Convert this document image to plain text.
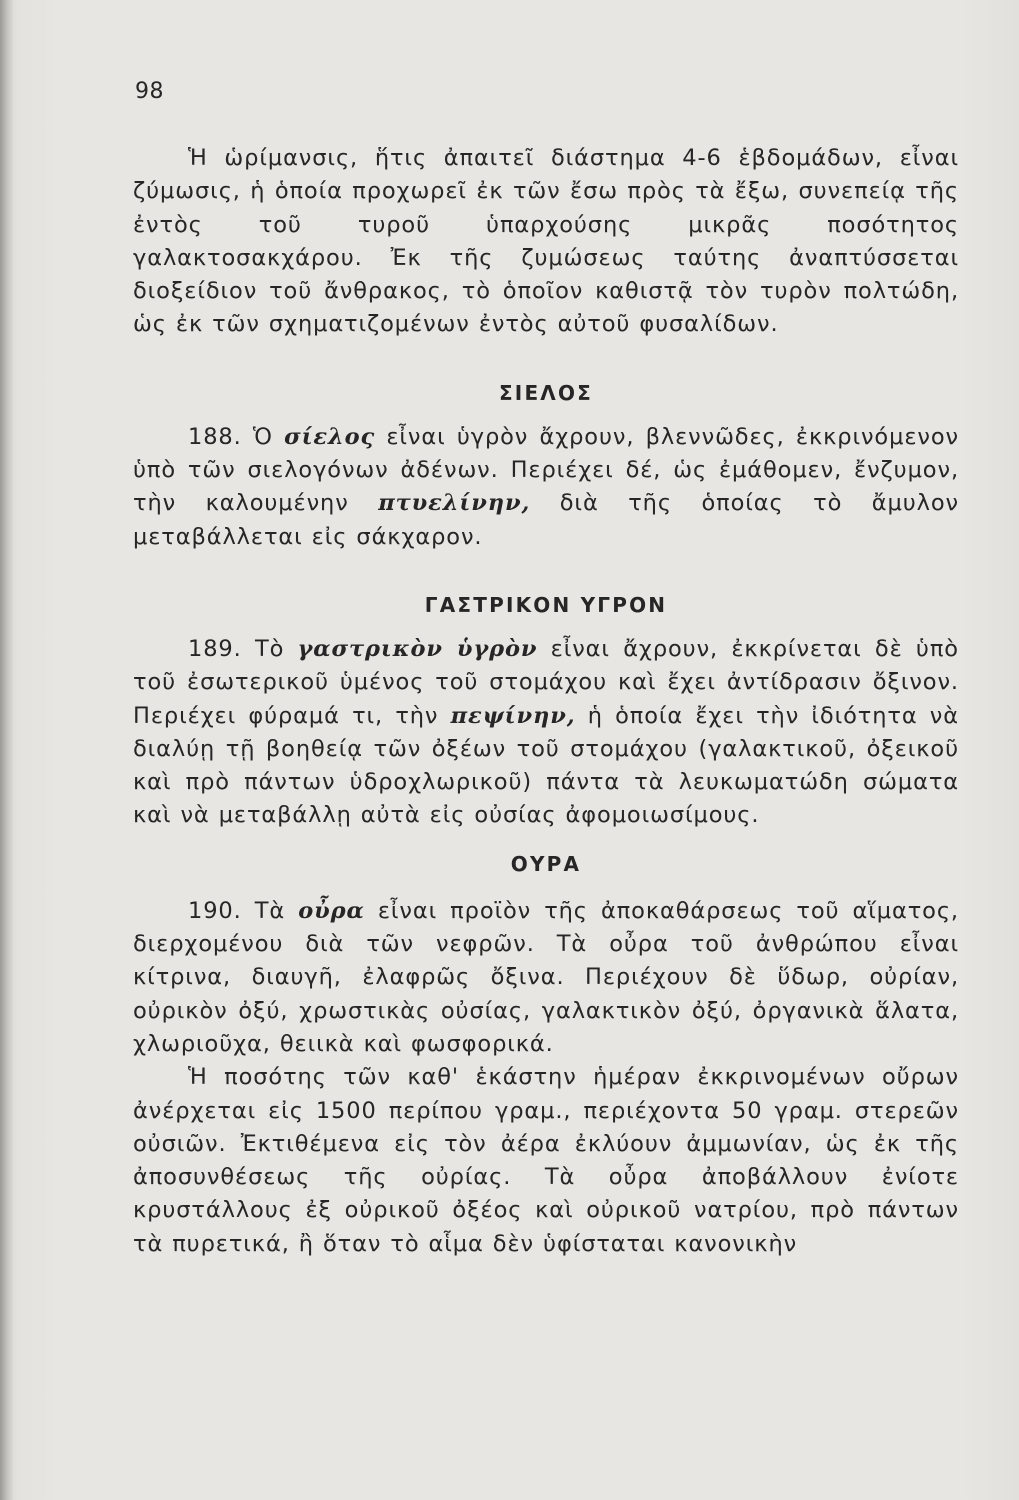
98

Ἡ ὡρίμανσις, ἥτις ἀπαιτεῖ διάστημα 4-6 ἑβδομάδων, εἶναι ζύμωσις, ἡ ὁποία προχωρεῖ ἐκ τῶν ἔσω πρὸς τὰ ἔξω, συνεπείᾳ τῆς ἐντὸς τοῦ τυροῦ ὑπαρχούσης μικρᾶς ποσότητος γαλακτοσακχάρου. Ἐκ τῆς ζυμώσεως ταύτης ἀναπτύσσεται διοξείδιον τοῦ ἄνθρακος, τὸ ὁποῖον καθιστᾷ τὸν τυρὸν πολτώδη, ὡς ἐκ τῶν σχηματιζομένων ἐντὸς αὐτοῦ φυσαλίδων.

ΣΙΕΛΟΣ

188. Ὁ σίελος εἶναι ὑγρὸν ἄχρουν, βλεννῶδες, ἐκκρινόμενον ὑπὸ τῶν σιελογόνων ἀδένων. Περιέχει δέ, ὡς ἐμάθομεν, ἔνζυμον, τὴν καλουμένην πτυελίνην, διὰ τῆς ὁποίας τὸ ἄμυλον μεταβάλλεται εἰς σάκχαρον.

ΓΑΣΤΡΙΚΟΝ ΥΓΡΟΝ

189. Τὸ γαστρικὸν ὑγρὸν εἶναι ἄχρουν, ἐκκρίνεται δὲ ὑπὸ τοῦ ἐσωτερικοῦ ὑμένος τοῦ στομάχου καὶ ἔχει ἀντίδρασιν ὄξινον. Περιέχει φύραμά τι, τὴν πεψίνην, ἡ ὁποία ἔχει τὴν ἰδιότητα νὰ διαλύῃ τῇ βοηθείᾳ τῶν ὀξέων τοῦ στομάχου (γαλακτικοῦ, ὀξεικοῦ καὶ πρὸ πάντων ὑδροχλωρικοῦ) πάντα τὰ λευκωματώδη σώματα καὶ νὰ μεταβάλλῃ αὐτὰ εἰς οὐσίας ἀφομοιωσίμους.

ΟΥΡΑ

190. Τὰ οὖρα εἶναι προϊὸν τῆς ἀποκαθάρσεως τοῦ αἵματος, διερχομένου διὰ τῶν νεφρῶν. Τὰ οὖρα τοῦ ἀνθρώπου εἶναι κίτρινα, διαυγῆ, ἐλαφρῶς ὄξινα. Περιέχουν δὲ ὕδωρ, οὐρίαν, οὐρικὸν ὀξύ, χρωστικὰς οὐσίας, γαλακτικὸν ὀξύ, ὀργανικὰ ἅλατα, χλωριοῦχα, θειικὰ καὶ φωσφορικά.

Ἡ ποσότης τῶν καθ' ἑκάστην ἡμέραν ἐκκρινομένων οὔρων ἀνέρχεται εἰς 1500 περίπου γραμ., περιέχοντα 50 γραμ. στερεῶν οὐσιῶν. Ἐκτιθέμενα εἰς τὸν ἀέρα ἐκλύουν ἀμμωνίαν, ὡς ἐκ τῆς ἀποσυνθέσεως τῆς οὐρίας. Τὰ οὖρα ἀποβάλλουν ἐνίοτε κρυστάλλους ἐξ οὐρικοῦ ὀξέος καὶ οὐρικοῦ νατρίου, πρὸ πάντων τὰ πυρετικά, ἢ ὅταν τὸ αἷμα δὲν ὑφίσταται κανονικὴν
